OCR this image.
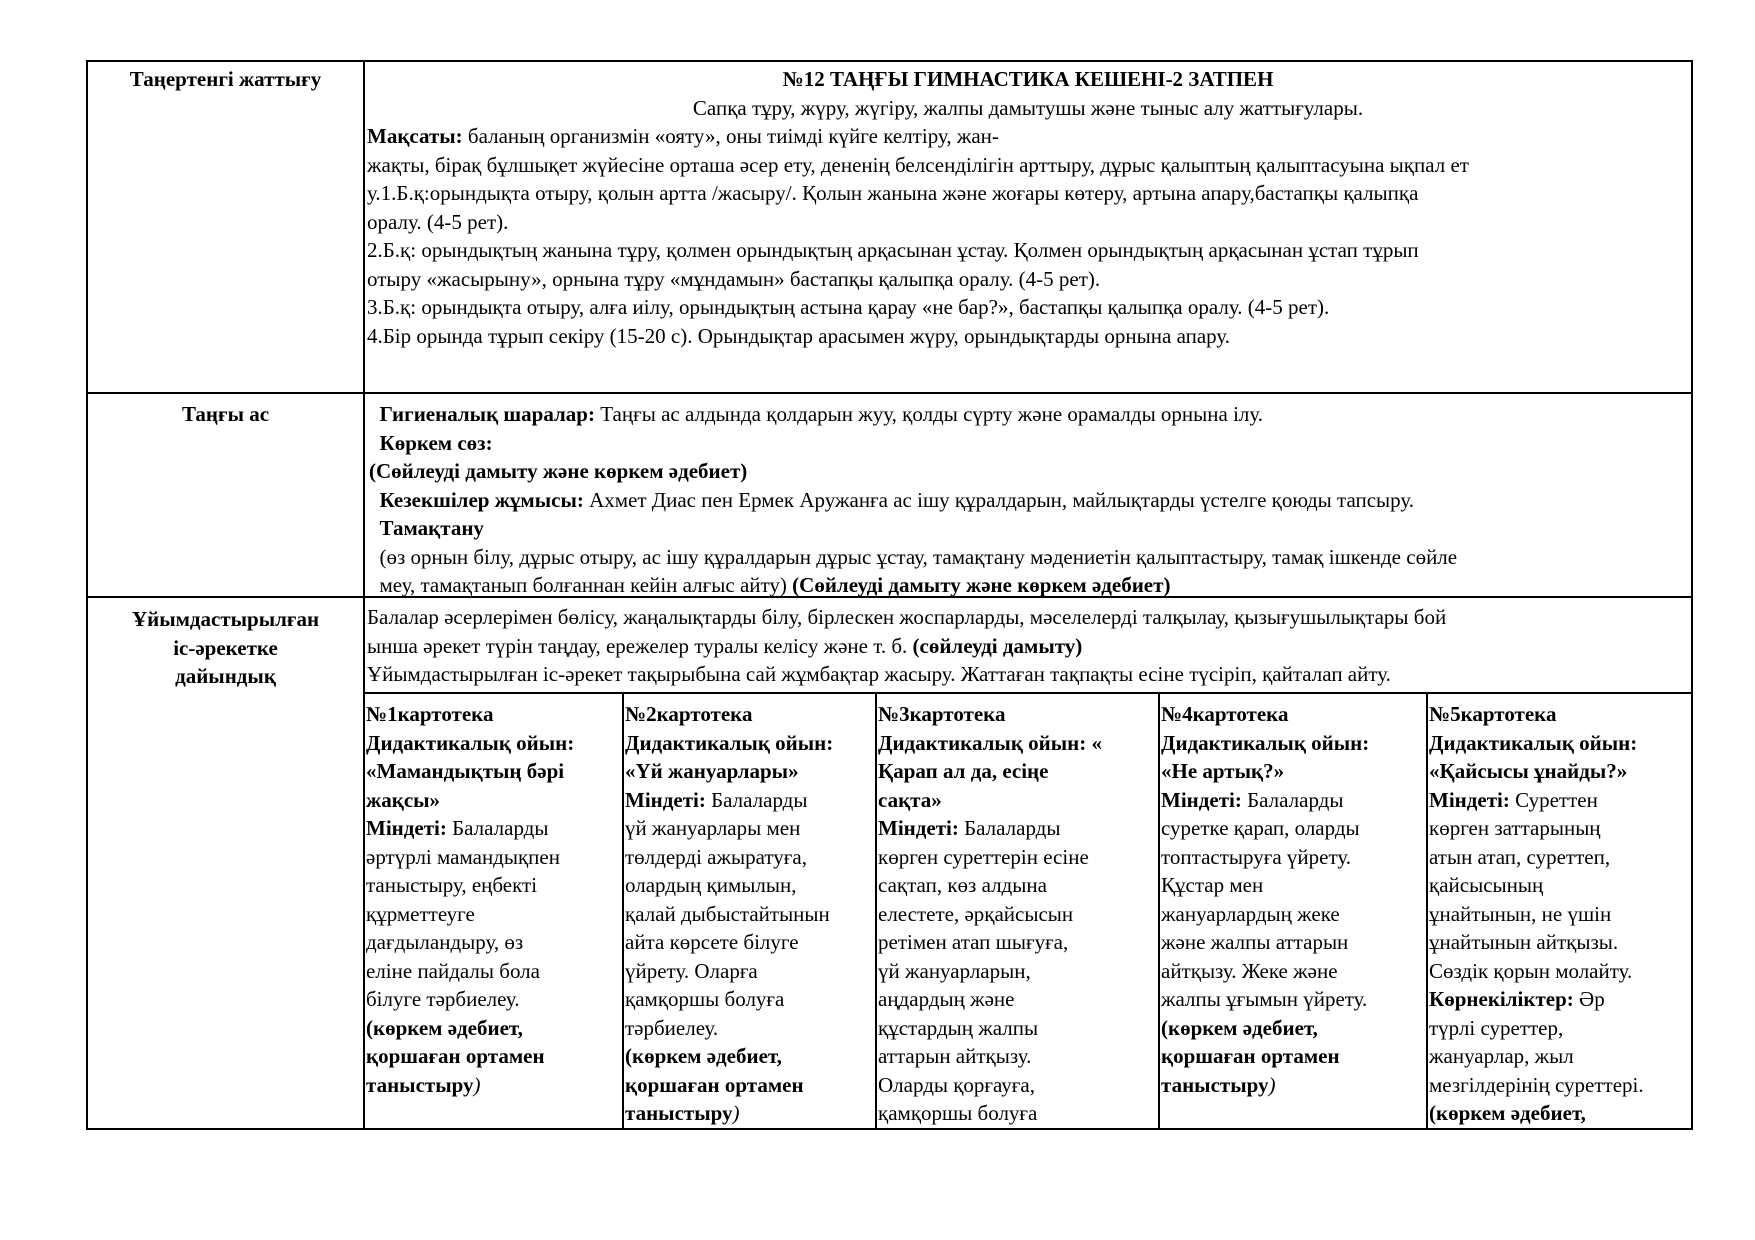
Таңертенгі жаттығу	№12 ТАҢҒЫ ГИМНАСТИКА КЕШЕНІ-2 ЗАТПЕН

Сапқа тұру, жүру, жүгіру, жалпы дамытушы және тыныс алу жаттығулары.

Мақсаты: баланың организмін «ояту», оны тиімді күйге келтіру, жан-

жақты, бірақ бұлшықет жүйесіне орташа әсер ету, дененің белсенділігін арттыру, дұрыс қалыптың қалыптасуына ықпал ет

у.1.Б.қ:орындықта отыру, қолын артта /жасыру/. Қолын жанына және жоғары көтеру, артына апару,бастапқы қалыпқа

оралу. (4-5 рет).

2.Б.қ: орындықтың жанына тұру, қолмен орындықтың арқасынан ұстау. Қолмен орындықтың арқасынан ұстап тұрып

отыру «жасырыну», орнына тұру «мұндамын» бастапқы қалыпқа оралу. (4-5 рет).

3.Б.қ: орындықта отыру, алға иілу, орындықтың астына қарау «не бар?», бастапқы қалыпқа оралу. (4-5 рет).

4.Бір орында тұрып секіру (15-20 с). Орындықтар арасымен жүру, орындықтарды орнына апару.

Таңғы ас	Гигиеналық шаралар: Таңғы ас алдында қолдарын жуу, қолды сүрту және орамалды орнына ілу.

Көркем сөз:

(Сөйлеуді дамыту және көркем әдебиет)

Кезекшілер жұмысы: Ахмет Диас пен Ермек Аружанға ас ішу құралдарын, майлықтарды үстелге қоюды тапсыру.

Тамақтану

(өз орнын білу, дұрыс отыру, ас ішу құралдарын дұрыс ұстау, тамақтану мәдениетін қалыптастыру, тамақ ішкенде сөйле

меу, тамақтанып болғаннан кейін алғыс айту) (Сөйлеуді дамыту және көркем әдебиет)

Ұйымдастырылған

іс-әрекетке

дайындық

Балалар әсерлерімен бөлісу, жаңалықтарды білу, бірлескен жоспарларды, мәселелерді талқылау, қызығушылықтары бой

ынша әрекет түрін таңдау, ережелер туралы келісу және т. б. (сөйлеуді дамыту)

Ұйымдастырылған іс-әрекет тақырыбына сай жұмбақтар жасыру. Жаттаған тақпақты есіне түсіріп, қайталап айту.

№1картотека

Дидактикалық ойын:

«Мамандықтың бәрі

жақсы»

Міндеті: Балаларды

әртүрлі мамандықпен

таныстыру, еңбекті

құрметтеуге

дағдыландыру, өз

еліне пайдалы бола

білуге тәрбиелеу.

(көркем әдебиет,

қоршаған ортамен

таныстыру)

№2картотека

Дидактикалық ойын:

«Үй жануарлары»

Міндеті: Балаларды

үй жануарлары мен

төлдерді ажыратуға,

олардың қимылын,

қалай дыбыстайтынын

айта көрсете білуге

үйрету. Оларға

қамқоршы болуға

тәрбиелеу.

(көркем әдебиет,

қоршаған ортамен

таныстыру)

№3картотека

Дидактикалық ойын: «

Қарап ал да, есіңе

сақта»

Міндеті: Балаларды

көрген суреттерін есіне

сақтап, көз алдына

елестете, әрқайсысын

ретімен атап шығуға,

үй жануарларын,

аңдардың және

құстардың жалпы

аттарын айтқызу.

Оларды қорғауға,

қамқоршы болуға

№4картотека

Дидактикалық ойын:

«Не артық?»

Міндеті: Балаларды

суретке қарап, оларды

топтастыруға үйрету.

Құстар мен

жануарлардың жеке

және жалпы аттарын

айтқызу. Жеке және

жалпы ұғымын үйрету.

(көркем әдебиет,

қоршаған ортамен

таныстыру)

№5картотека

Дидактикалық ойын:

«Қайсысы ұнайды?»

Міндеті: Суреттен

көрген заттарының

атын атап, суреттеп,

қайсысының

ұнайтынын, не үшін

ұнайтынын айтқызы.

Сөздік қорын молайту.

Көрнекіліктер: Әр

түрлі суреттер,

жануарлар, жыл

мезгілдерінің суреттері.

(көркем әдебиет,
